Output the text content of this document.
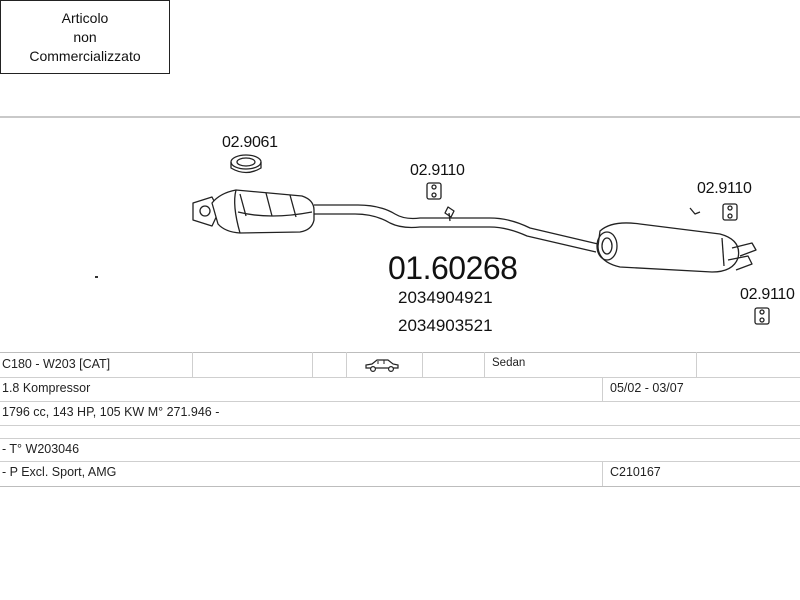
Articolo
non
Commercializzato
02.9061
02.9110
02.9110
02.9110
01.60268
2034904921
2034903521
C180 - W203 [CAT]	Sedan
1.8 Kompressor	05/02 - 03/07
1796 cc, 143 HP, 105 KW M° 271.946 -
- T° W203046
- P Excl. Sport, AMG	C210167
